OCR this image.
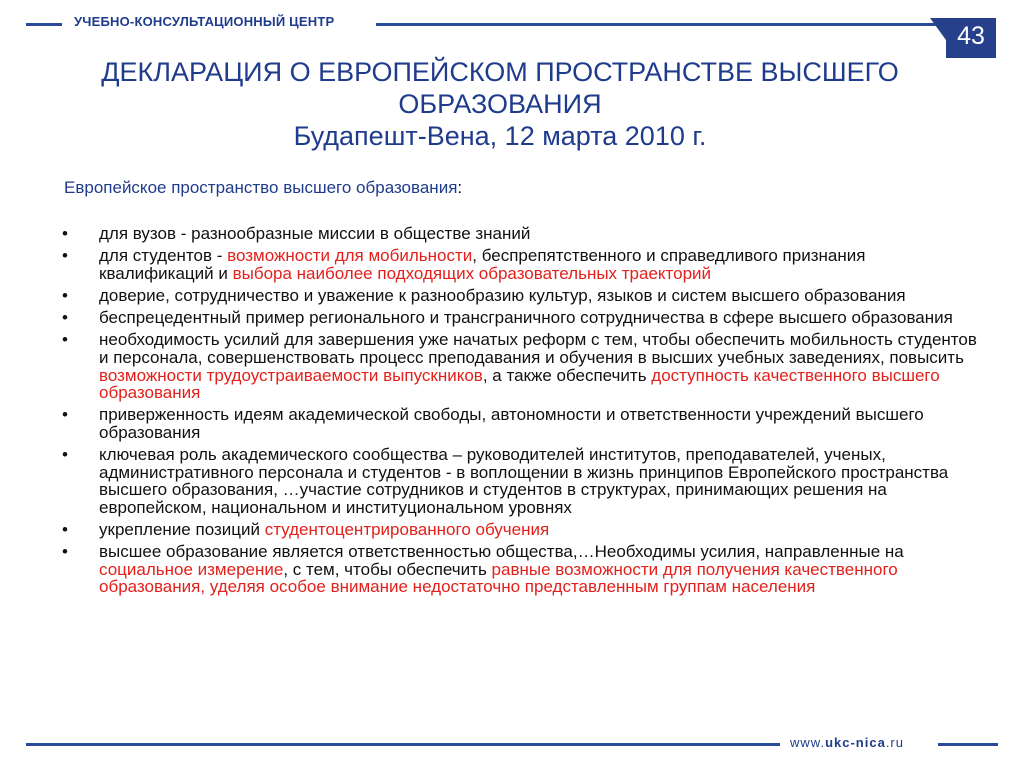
УЧЕБНО-КОНСУЛЬТАЦИОННЫЙ ЦЕНТР
43
ДЕКЛАРАЦИЯ О ЕВРОПЕЙСКОМ ПРОСТРАНСТВЕ ВЫСШЕГО
ОБРАЗОВАНИЯ
Будапешт-Вена, 12 марта 2010 г.
Европейское пространство высшего образования:
• для вузов - разнообразные миссии в обществе знаний
• для студентов - возможности для мобильности, беспрепятственного и справедливого признания квалификаций и выбора наиболее подходящих образовательных траекторий
• доверие, сотрудничество и уважение к разнообразию культур, языков и систем высшего образования
• беспрецедентный пример регионального и трансграничного сотрудничества в сфере высшего образования
• необходимость усилий для завершения уже начатых реформ с тем, чтобы обеспечить мобильность студентов и персонала, совершенствовать процесс преподавания и обучения в высших учебных заведениях, повысить возможности трудоустраиваемости выпускников, а также обеспечить доступность качественного высшего образования
• приверженность идеям академической свободы, автономности и ответственности учреждений высшего образования
• ключевая роль академического сообщества – руководителей институтов, преподавателей, ученых, административного персонала и студентов - в воплощении в жизнь принципов Европейского пространства высшего образования, …участие сотрудников и студентов в структурах, принимающих решения на европейском, национальном и институциональном уровнях
• укрепление позиций студентоцентрированного обучения
• высшее образование является ответственностью общества,…Необходимы усилия, направленные на социальное измерение, с тем, чтобы обеспечить равные возможности для получения качественного образования, уделяя особое внимание недостаточно представленным группам населения
www.ukc-nica.ru
